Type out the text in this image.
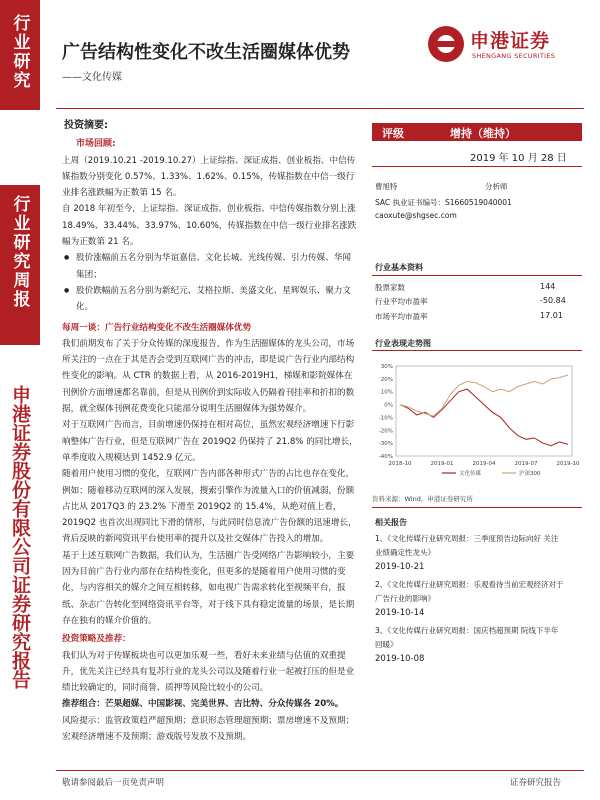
行业研究
行业研究周报
申港证券股份有限公司证券研究报告
广告结构性变化不改生活圈媒体优势
——文化传媒
申港证券
SHENGANG SECURITIES

投资摘要:

市场回顾:

上周（2019.10.21 -2019.10.27）上证综指、深证成指、创业板指、中信传媒指数分别变化 0.57%、1.33%、1.62%、0.15%，传媒指数在中信一级行业排名涨跌幅为正数第 15 名。

自 2018 年初至今，上证综指、深证成指、创业板指、中信传媒指数分别上涨 18.49%、33.44%、33.97%、10.60%，传媒指数在中信一级行业排名涨跌幅为正数第 21 名。

● 股价涨幅前五名分别为华谊嘉信、文化长城、光线传媒、引力传媒、华闻集团；

● 股价跌幅前五名分别为新纪元、艾格拉斯、美盛文化、星辉娱乐、聚力文化。

每周一谈：广告行业结构变化不改生活圈媒体优势

我们前期发布了关于分众传媒的深度报告，作为生活圈媒体的龙头公司，市场所关注的一点在于其是否会受到互联网广告的冲击，即是说广告行业内部结构性变化的影响。从 CTR 的数据上看，从 2016-2019H1，梯媒和影院媒体在刊例价方面增速都名靠前，但是从刊例价到实际收入仍隔着刊挂率和折扣的数据，就全媒体刊例花费变化只能部分说明生活圈媒体为强势媒介。

对于互联网广告而言，目前增速仍保持在相对高位，虽然宏观经济增速下行影响整体广告行业，但是互联网广告在 2019Q2 仍保持了 21.8% 的同比增长，单季度收入规模达到 1452.9 亿元。

随着用户使用习惯的变化，互联网广告内部各种形式广告的占比也存在变化，例如：随着移动互联网的深入发展，搜索引擎作为流量入口的价值减弱，份额占比从 2017Q3 的 23.2% 下滑至 2019Q2 的 15.4%，从绝对值上看，2019Q2 也首次出现同比下滑的情形，与此同时信息流广告份额的迅速增长，背后反映的新闻资讯平台使用率的提升以及社交媒体广告投入的增加。

基于上述互联网广告数据，我们认为，生活圈广告受网络广告影响较小，主要因为目前广告行业内部存在结构性变化，但更多的是随着用户使用习惯的变化，与内容相关的媒介之间互相转移，如电视广告需求转化至视频平台，报纸、杂志广告转化至网络资讯平台等，对于线下具有稳定流量的场景，是长期存在独有的媒介价值的。

投资策略及推荐：

我们认为对于传媒板块也可以更加乐观一些，看好未来业绩与估值的双重提升，优先关注已经具有复苏行业的龙头公司以及随着行业一起被打压的但是业绩比较确定的，同时商誉、质押等风险比较小的公司。

推荐组合：芒果超媒、中国影视、完美世界、吉比特、分众传媒各 20%。

风险提示：监管政策趋严超预期；意识形态管理超预期；票房增速不及预期；宏观经济增速不及预期；游戏版号发放不及预期。

评级	增持（维持）
2019 年 10 月 28 日
曹旭特	分析师
SAC 执业证书编号：S1660519040001
caoxute@shgsec.com
行业基本资料
股票家数	144
行业平均市盈率	-50.84
市场平均市盈率	17.01
行业表现走势图
30%
20%
10%
0%
-10%
-20%
-30%
-40%
2018-10	2019-01	2019-04	2019-07	2019-10
文化传媒	沪深300
资料来源：Wind，申港证券研究所
相关报告
1、《文化传媒行业研究周报：三季度预告边际向好 关注业绩确定性龙头》
2019-10-21
2、《文化传媒行业研究周报：乐观看待当前宏观经济对于广告行业的影响》
2019-10-14
3、《文化传媒行业研究周报：国庆档超预期 院线下半年回暖》
2019-10-08
敬请参阅最后一页免责声明	证券研究报告
